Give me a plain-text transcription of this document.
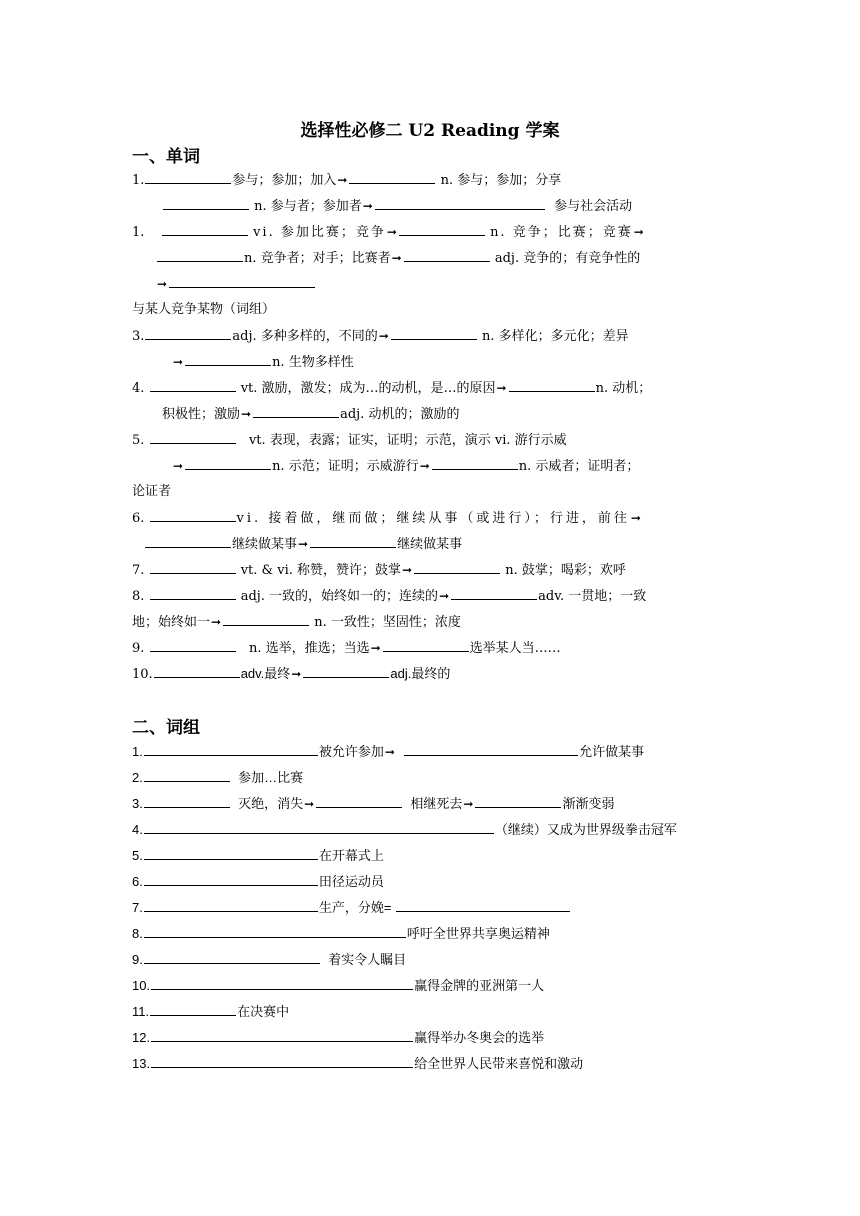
选择性必修二 U2 Reading 学案
一、单词
1.	参与；参加；加入➞	n. 参与；参加；分享
n. 参与者；参加者➞	参与社会活动
1.	vi. 参加比赛；竞争➞	n. 竞争；比赛；竞赛➞
n. 竞争者；对手；比赛者➞	adj. 竞争的；有竞争性的
➞
与某人竞争某物（词组）
3.	adj. 多种多样的，不同的➞	n. 多样化；多元化；差异
➞	n. 生物多样性
4.	vt. 激励，激发；成为…的动机，是…的原因➞	n. 动机；
积极性；激励➞	adj. 动机的；激励的
5.	vt. 表现，表露；证实，证明；示范，演示 vi. 游行示威
➞	n. 示范；证明；示威游行➞	n. 示威者；证明者；
论证者
6.	vi. 接着做，继而做；继续从事（或进行）；行进，前往➞
继续做某事➞	继续做某事
7.	vt. & vi. 称赞，赞许；鼓掌➞	n. 鼓掌；喝彩；欢呼
8.	adj. 一致的，始终如一的；连续的➞	adv. 一贯地；一致
地；始终如一➞	n. 一致性；坚固性；浓度
9.	n. 选举，推选；当选➞	选举某人当……
10.	adv.最终➞	adj.最终的
二、词组
1.	被允许参加➞	允许做某事
2.	参加…比赛
3.	灭绝，消失➞	相继死去➞	渐渐变弱
4.	（继续）又成为世界级拳击冠军
5.	在开幕式上
6.	田径运动员
7.	生产，分娩=
8.	呼吁全世界共享奥运精神
9.	着实令人瞩目
10.	赢得金牌的亚洲第一人
11.	在决赛中
12.	赢得举办冬奥会的选举
13.	给全世界人民带来喜悦和激动
